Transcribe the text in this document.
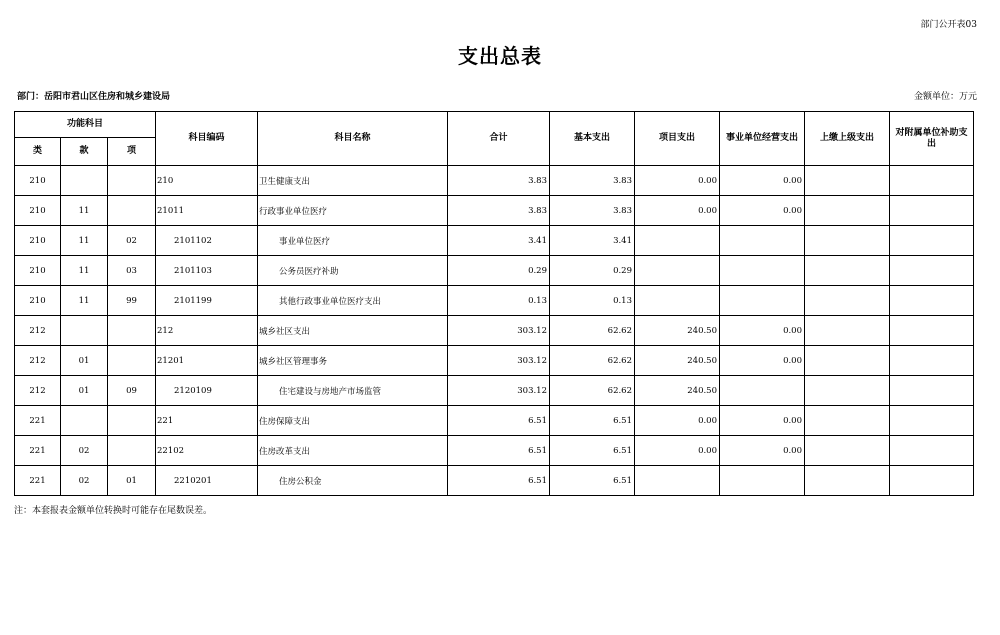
部门公开表03
支出总表
部门：岳阳市君山区住房和城乡建设局	金额单位：万元
功能科目			科目编码	科目名称	合计	基本支出	项目支出	事业单位经营支出	上缴上级支出	对附属单位补助支出
类	款	项								
210			210	卫生健康支出	3.83	3.83	0.00	0.00		
210	11		21011	行政事业单位医疗	3.83	3.83	0.00	0.00		
210	11	02	2101102	事业单位医疗	3.41	3.41				
210	11	03	2101103	公务员医疗补助	0.29	0.29				
210	11	99	2101199	其他行政事业单位医疗支出	0.13	0.13				
212			212	城乡社区支出	303.12	62.62	240.50	0.00		
212	01		21201	城乡社区管理事务	303.12	62.62	240.50	0.00		
212	01	09	2120109	住宅建设与房地产市场监管	303.12	62.62	240.50			
221			221	住房保障支出	6.51	6.51	0.00	0.00		
221	02		22102	住房改革支出	6.51	6.51	0.00	0.00		
221	02	01	2210201	住房公积金	6.51	6.51				
注：本套报表金额单位转换时可能存在尾数误差。
